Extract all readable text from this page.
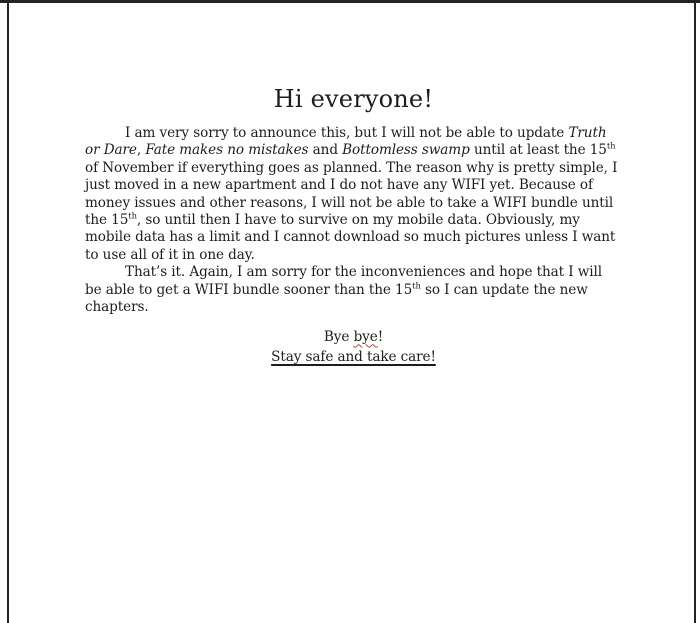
Hi everyone!

I am very sorry to announce this, but I will not be able to update Truth or Dare, Fate makes no mistakes and Bottomless swamp until at least the 15th of November if everything goes as planned. The reason why is pretty simple, I just moved in a new apartment and I do not have any WIFI yet. Because of money issues and other reasons, I will not be able to take a WIFI bundle until the 15th, so until then I have to survive on my mobile data. Obviously, my mobile data has a limit and I cannot download so much pictures unless I want to use all of it in one day.

That’s it. Again, I am sorry for the inconveniences and hope that I will be able to get a WIFI bundle sooner than the 15th so I can update the new chapters.

Bye bye!

Stay safe and take care!
